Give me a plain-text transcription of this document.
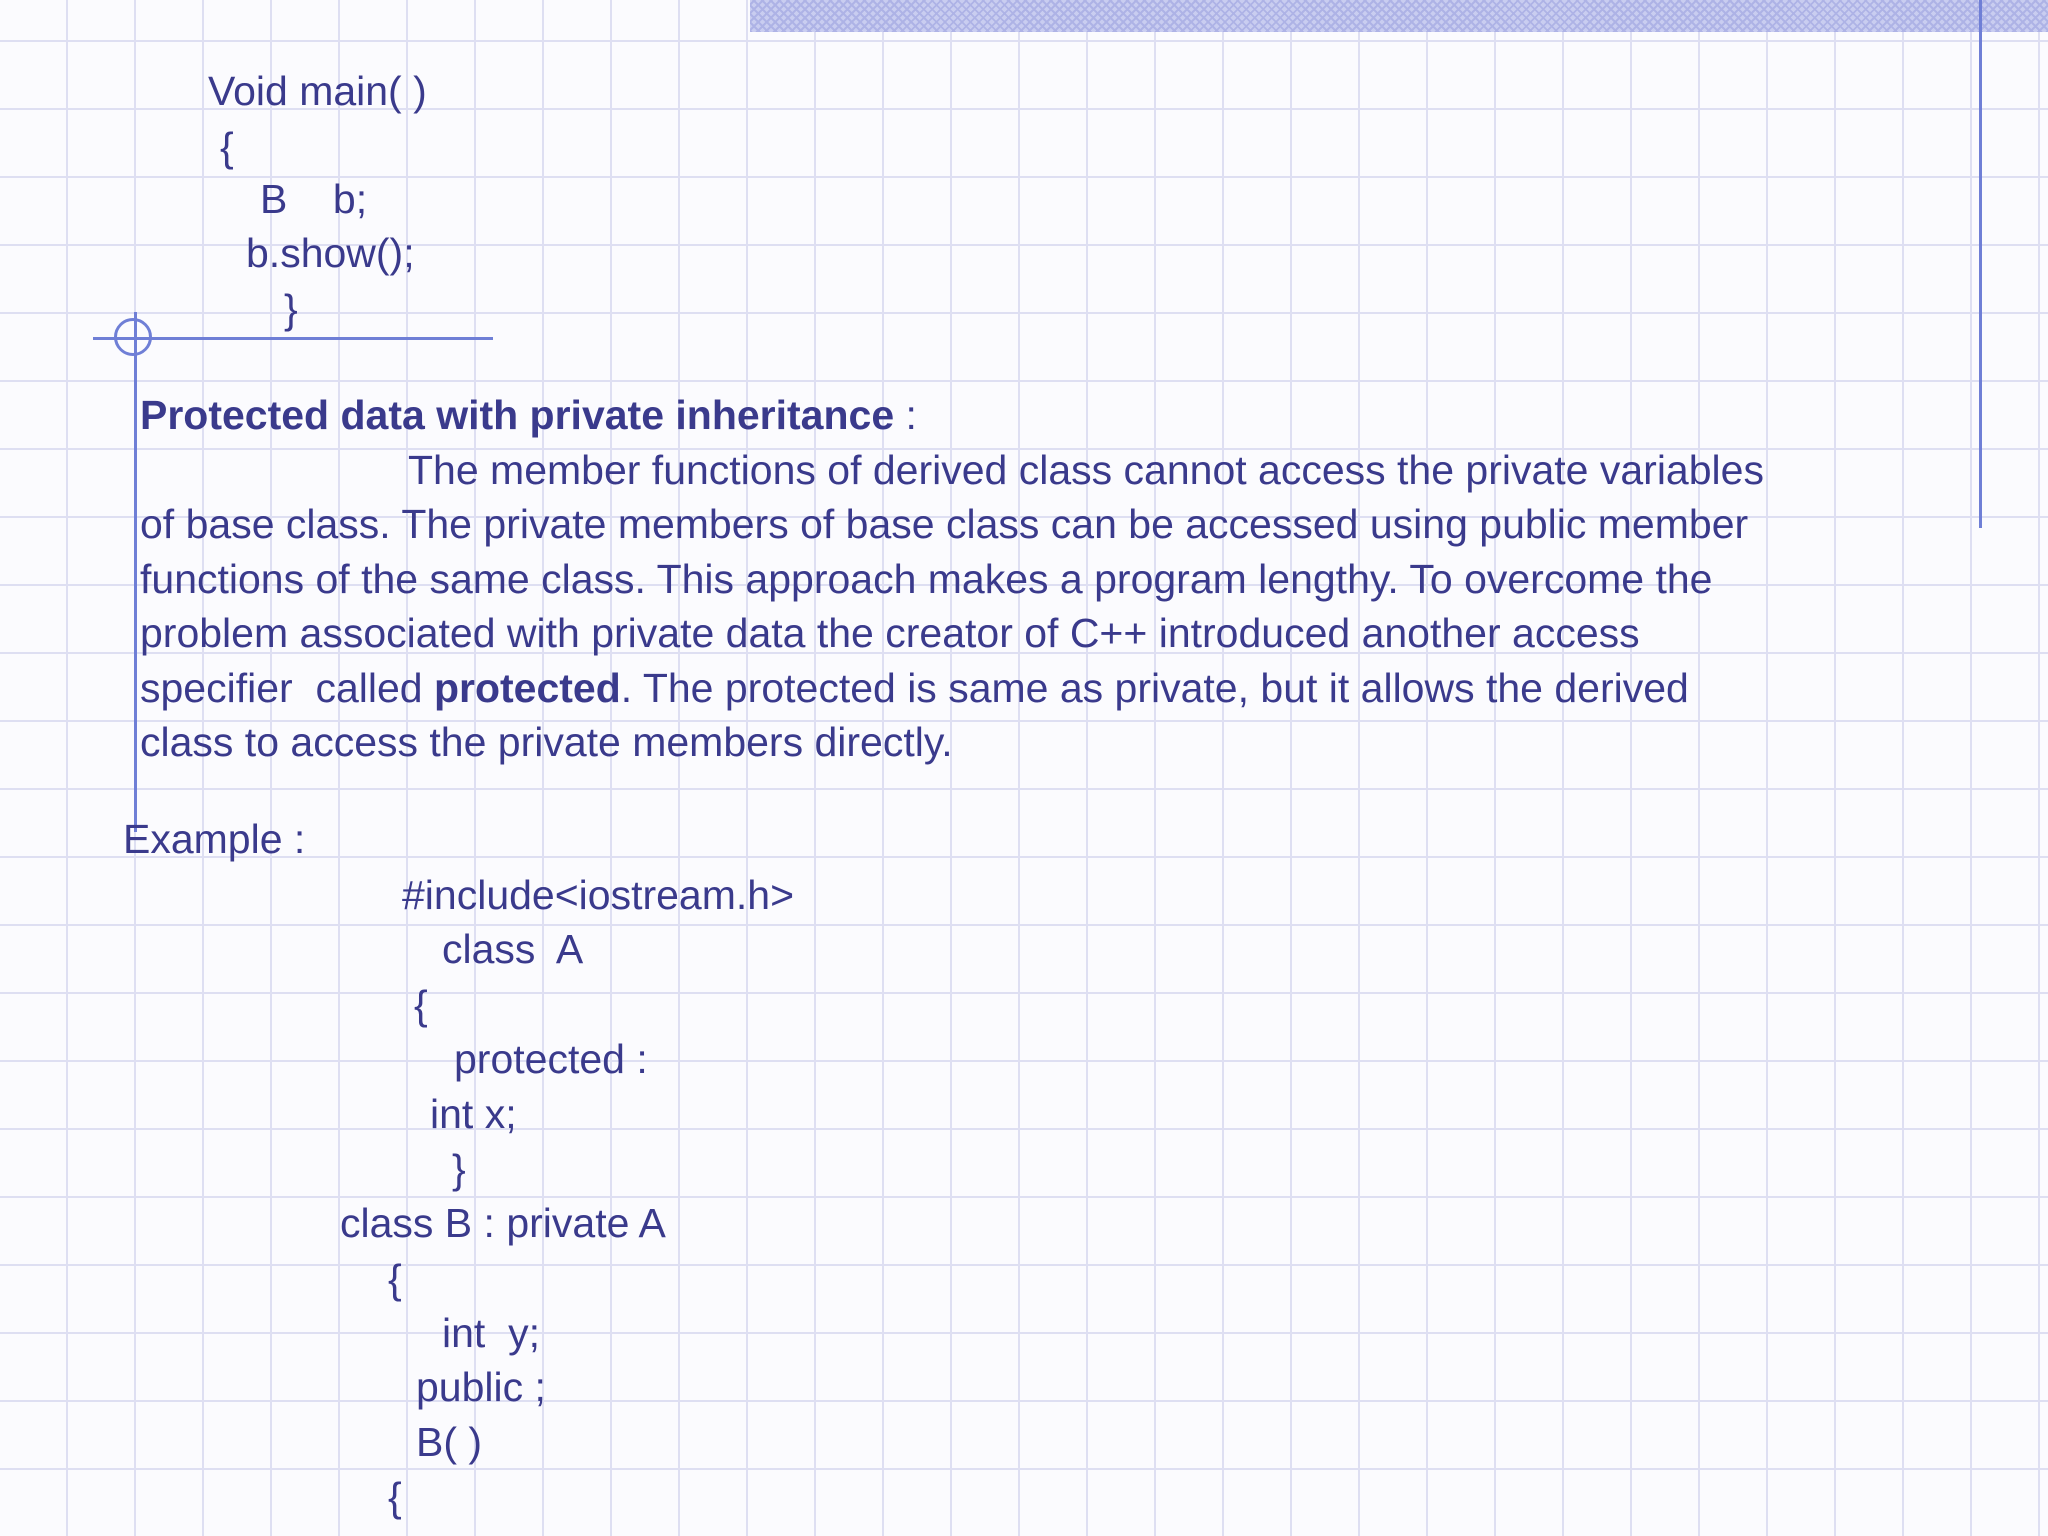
Void main( )
{
B    b;
b.show();
}
Protected data with private inheritance :
The member functions of derived class cannot access the private variables
of base class. The private members of base class can be accessed using public member
functions of the same class. This approach makes a program lengthy. To overcome the
problem associated with private data the creator of C++ introduced another access
specifier  called protected. The protected is same as private, but it allows the derived
class to access the private members directly.
Example :
#include<iostream.h>
class  A
{
protected :
int x;
}
class B : private A
{
int  y;
public ;
B( )
{
